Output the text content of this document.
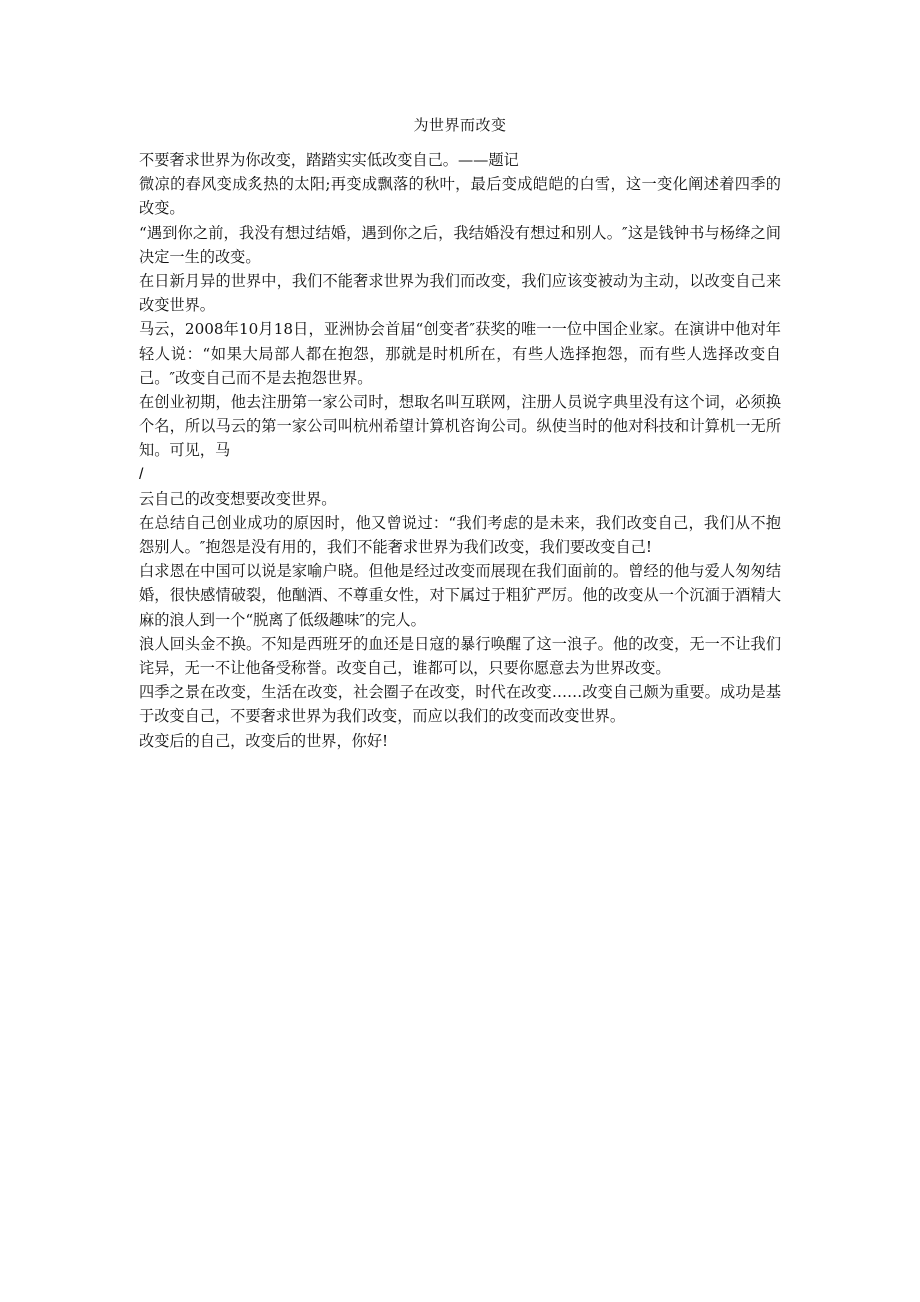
为世界而改变

不要奢求世界为你改变，踏踏实实低改变自己。——题记

微凉的春风变成炙热的太阳;再变成飘落的秋叶，最后变成皑皑的白雪，这一变化阐述着四季的改变。

“遇到你之前，我没有想过结婚，遇到你之后，我结婚没有想过和别人。″这是钱钟书与杨绛之间决定一生的改变。

在日新月异的世界中，我们不能奢求世界为我们而改变，我们应该变被动为主动，以改变自己来改变世界。

马云，2008年10月18日，亚洲协会首届“创变者″获奖的唯一一位中国企业家。在演讲中他对年轻人说：“如果大局部人都在抱怨，那就是时机所在，有些人选择抱怨，而有些人选择改变自己。″改变自己而不是去抱怨世界。

在创业初期，他去注册第一家公司时，想取名叫互联网，注册人员说字典里没有这个词，必须换个名，所以马云的第一家公司叫杭州希望计算机咨询公司。纵使当时的他对科技和计算机一无所知。可见，马

/

云自己的改变想要改变世界。

在总结自己创业成功的原因时，他又曾说过：“我们考虑的是未来，我们改变自己，我们从不抱怨别人。″抱怨是没有用的，我们不能奢求世界为我们改变，我们要改变自己!

白求恩在中国可以说是家喻户晓。但他是经过改变而展现在我们面前的。曾经的他与爱人匆匆结婚，很快感情破裂，他酗酒、不尊重女性，对下属过于粗犷严厉。他的改变从一个沉湎于酒精大麻的浪人到一个“脱离了低级趣味″的完人。

浪人回头金不换。不知是西班牙的血还是日寇的暴行唤醒了这一浪子。他的改变，无一不让我们诧异，无一不让他备受称誉。改变自己，谁都可以，只要你愿意去为世界改变。

四季之景在改变，生活在改变，社会圈子在改变，时代在改变……改变自己颇为重要。成功是基于改变自己，不要奢求世界为我们改变，而应以我们的改变而改变世界。

改变后的自己，改变后的世界，你好!
